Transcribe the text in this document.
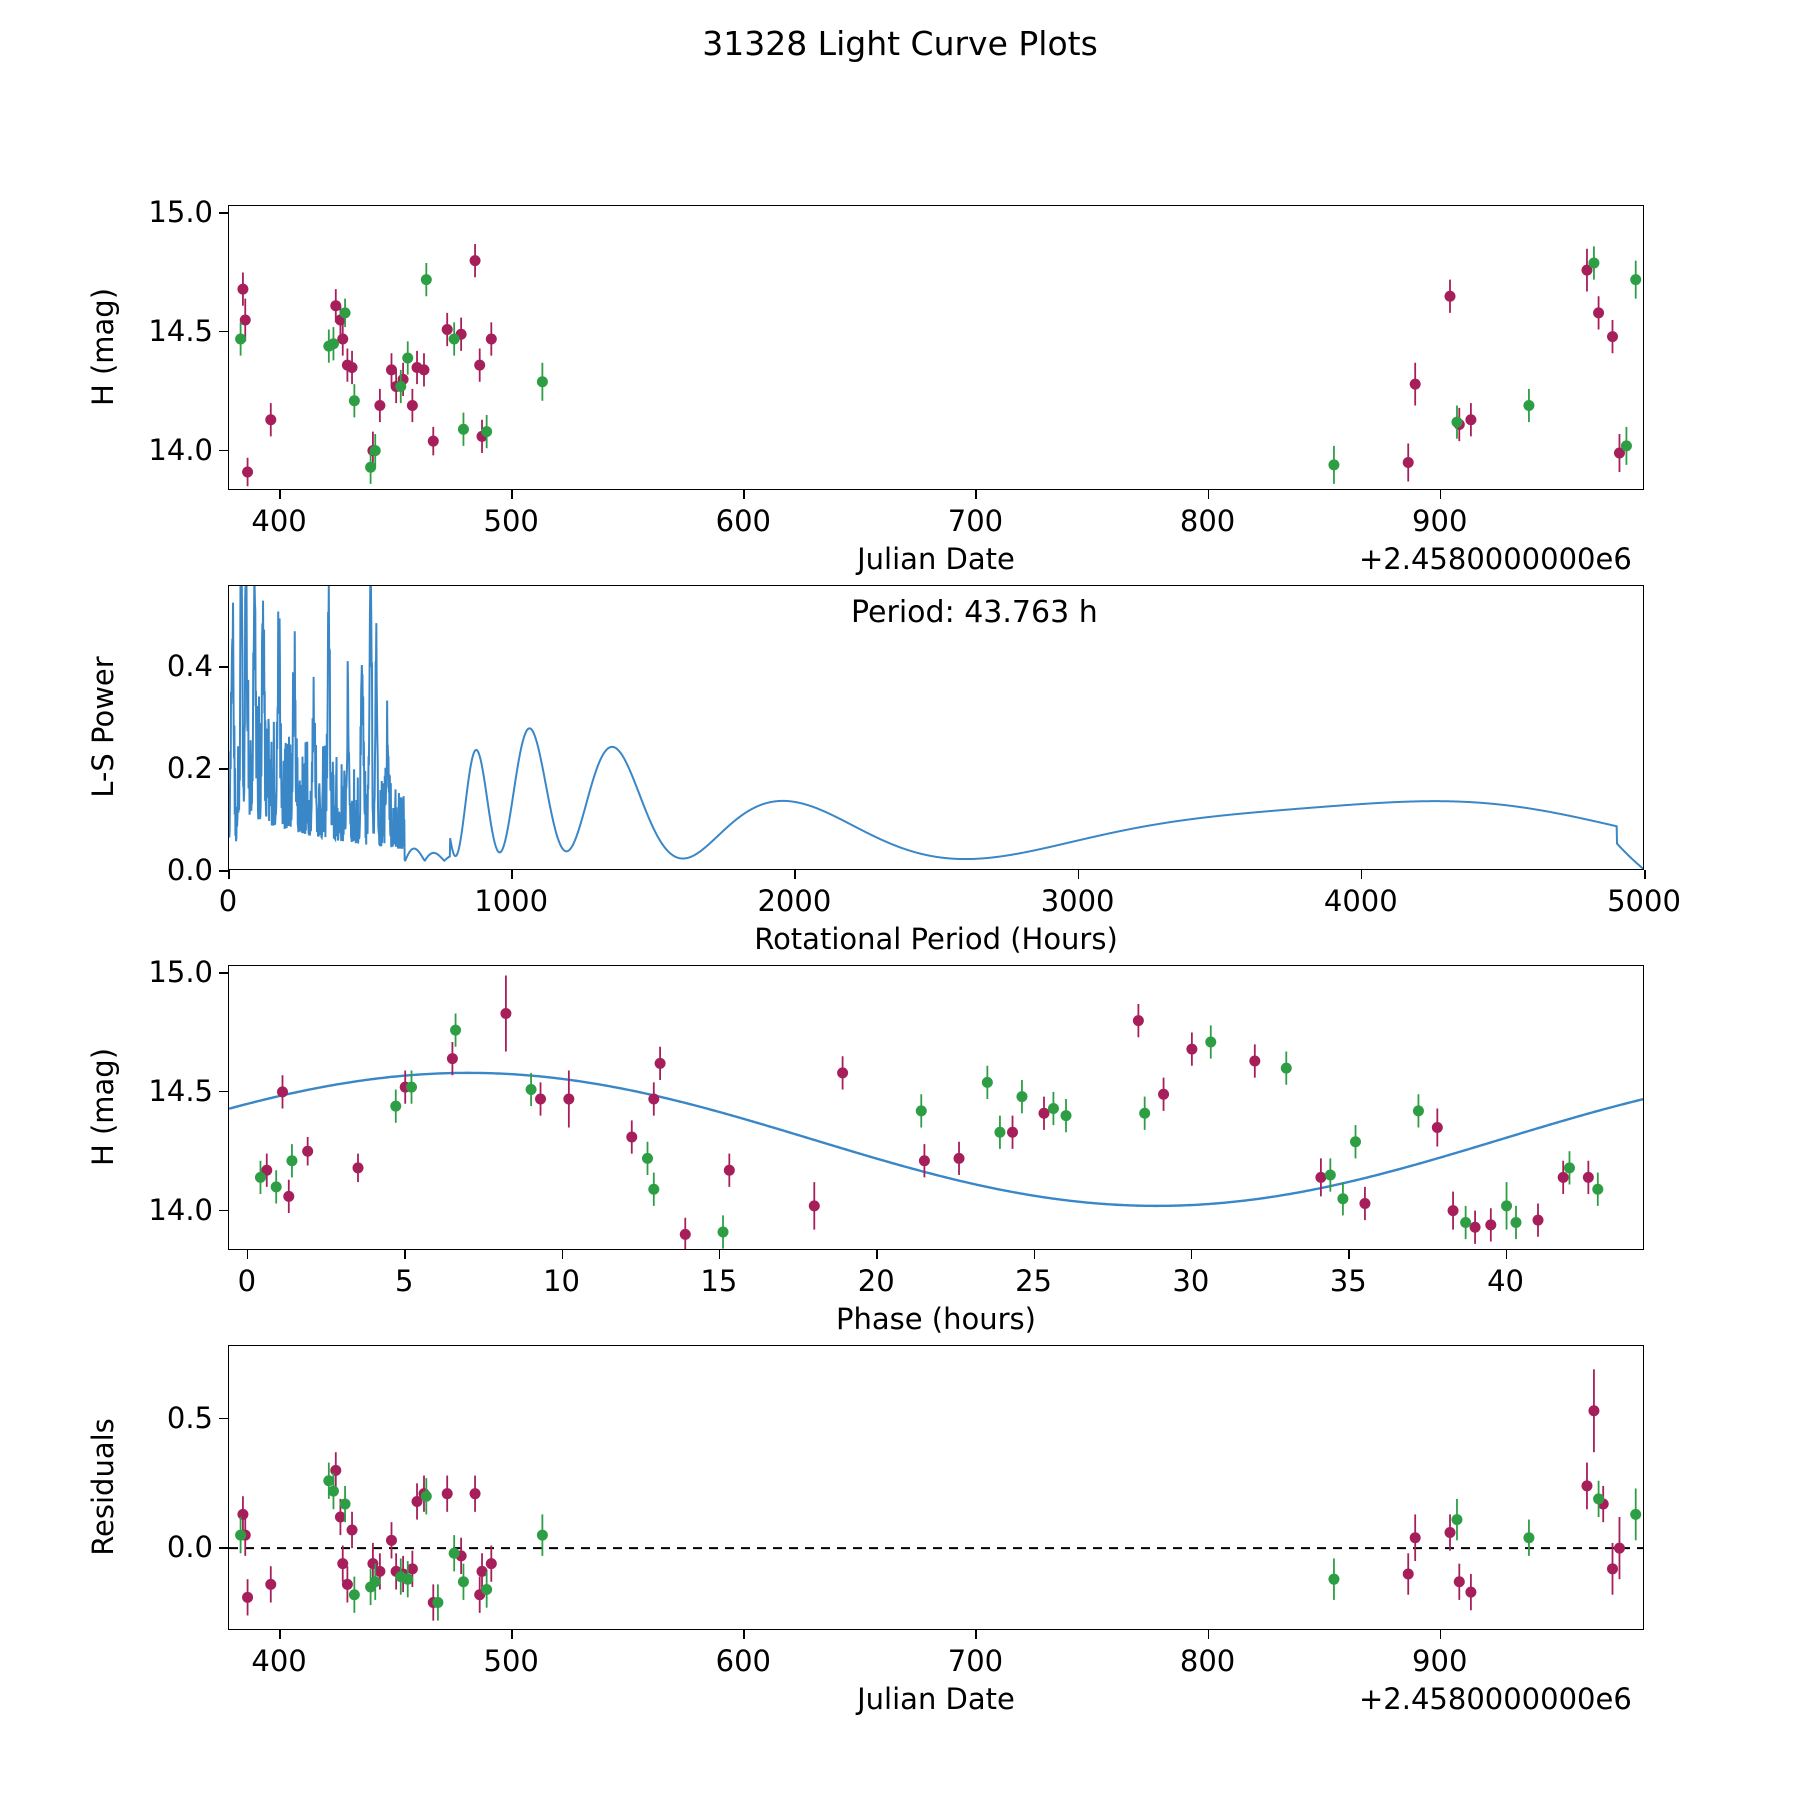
31328 Light Curve Plots
H (mag)
Julian Date	+2.4580000000e6
Period: 43.763 h
L-S Power
Rotational Period (Hours)
H (mag)
Phase (hours)
Residuals
Julian Date	+2.4580000000e6
400	500	600	700	800	900
14.0
14.5
15.0
0	1000	2000	3000	4000	5000
0.0
0.2
0.4
0	5	10	15	20	25	30	35	40
14.0
14.5
15.0
400	500	600	700	800	900
0.0
0.5
